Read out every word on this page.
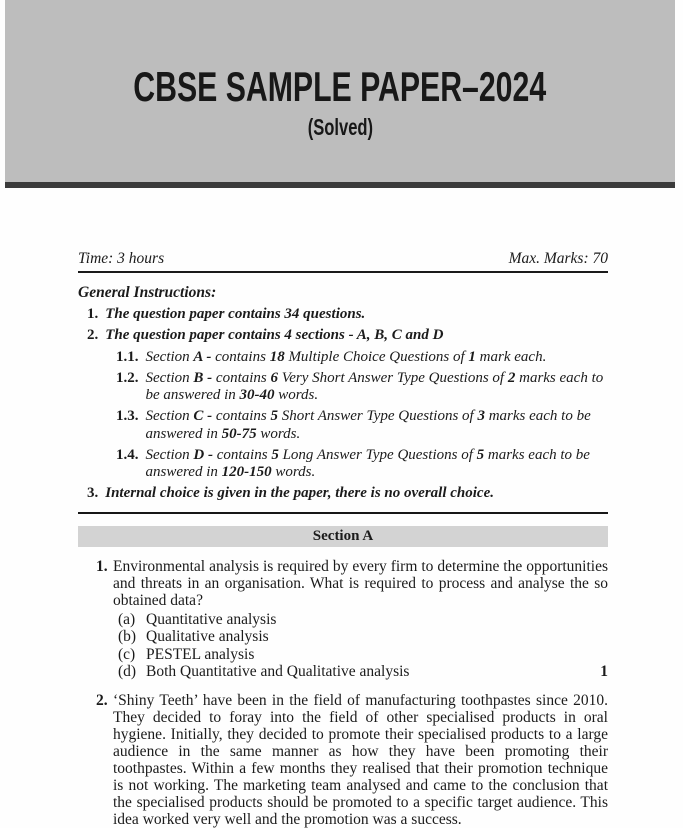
CBSE SAMPLE PAPER–2024
(Solved)
Time: 3 hours	Max. Marks: 70
General Instructions:
1. The question paper contains 34 questions.
2. The question paper contains 4 sections - A, B, C and D
1.1. Section A - contains 18 Multiple Choice Questions of 1 mark each.
1.2. Section B - contains 6 Very Short Answer Type Questions of 2 marks each to be answered in 30-40 words.
1.3. Section C - contains 5 Short Answer Type Questions of 3 marks each to be answered in 50-75 words.
1.4. Section D - contains 5 Long Answer Type Questions of 5 marks each to be answered in 120-150 words.
3. Internal choice is given in the paper, there is no overall choice.
Section A
1. Environmental analysis is required by every firm to determine the opportunities and threats in an organisation. What is required to process and analyse the so obtained data?
(a) Quantitative analysis
(b) Qualitative analysis
(c) PESTEL analysis
(d) Both Quantitative and Qualitative analysis	1
2. ‘Shiny Teeth’ have been in the field of manufacturing toothpastes since 2010. They decided to foray into the field of other specialised products in oral hygiene. Initially, they decided to promote their specialised products to a large audience in the same manner as how they have been promoting their toothpastes. Within a few months they realised that their promotion technique is not working. The marketing team analysed and came to the conclusion that the specialised products should be promoted to a specific target audience. This idea worked very well and the promotion was a success.
